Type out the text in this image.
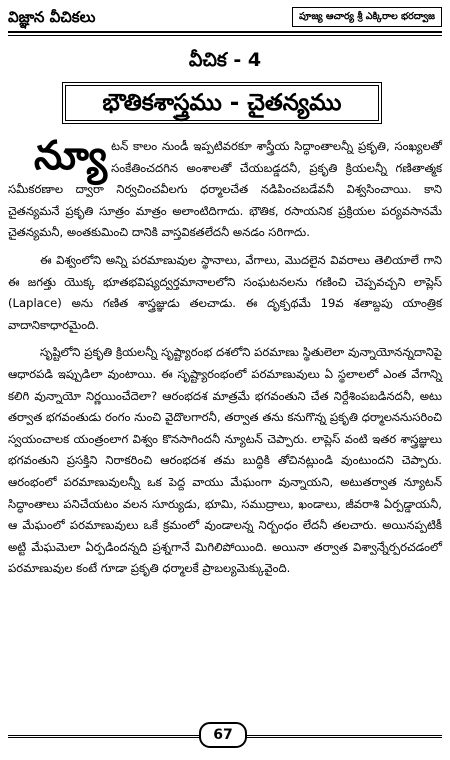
విజ్ఞాన వీచికలు	పూజ్య ఆచార్య శ్రీ ఎక్కిరాల భరద్వాజ
వీచిక - 4
భౌతికశాస్త్రము - చైతన్యము

న్యూ టన్ కాలం నుండీ ఇప్పటివరకూ శాస్త్రీయ సిద్ధాంతాలన్నీ ప్రకృతి, సంఖ్యలతో సంకేతించదగిన అంశాలతో చేయబడ్డదనీ, ప్రకృతి క్రియలన్నీ గణితాత్మక సమీకరణాల ద్వారా నిర్వచించవీలగు ధర్మాలచేత నడిపించబడేవనీ విశ్వసించాయి. కాని చైతన్యమనే ప్రకృతి సూత్రం మాత్రం అలాంటిదిగాదు. భౌతిక, రసాయనిక ప్రక్రియల పర్యవసానమే చైతన్యమనీ, అంతకుమించి దానికి వాస్తవికతలేదనీ అనడం సరిగాదు.

ఈ విశ్వంలోని అన్ని పరమాణువుల స్థానాలు, వేగాలు, మొదలైన వివరాలు తెలియాలే గాని ఈ జగత్తు యొక్క భూతభవిష్యద్వర్తమానాలలోని సంఘటనలను గణించి చెప్పవచ్చని లాప్లెస్ (Laplace) అను గణిత శాస్త్రజ్ఞుడు తలచాడు. ఈ దృక్పథమే 19వ శతాబ్దపు యాంత్రిక వాదానికాధారమైంది.

సృష్టిలోని ప్రకృతి క్రియలన్నీ సృష్ట్యారంభ దశలోని పరమాణు స్థితులెలా వున్నాయోనన్నదానిపై ఆధారపడి ఇప్పుడిలా వుంటాయి. ఈ సృష్ట్యారంభంలో పరమాణువులు ఏ స్థలాలలో ఎంత వేగాన్ని కలిగి వున్నాయో నిర్ణయించేదెలా? ఆరంభదశ మాత్రమే భగవంతుని చేత నిర్దేశింపబడినదనీ, అటు తర్వాత భగవంతుడు రంగం నుంచి వైదొలగారనీ, తర్వాత తను కనుగొన్న ప్రకృతి ధర్మాలననుసరించి స్వయంచాలక యంత్రంలాగ విశ్వం కొనసాగిందనీ న్యూటన్ చెప్పారు. లాప్లెస్ వంటి ఇతర శాస్త్రజ్ఞులు భగవంతుని ప్రసక్తిని నిరాకరించి ఆరంభదశ తమ బుద్ధికి తోచినట్లుండి వుంటుందని చెప్పారు. ఆరంభంలో పరమాణువులన్నీ ఒక పెద్ద వాయు మేఘంగా వున్నాయని, అటుతర్వాత న్యూటన్ సిద్ధాంతాలు పనిచేయటం వలన సూర్యుడు, భూమి, సముద్రాలు, ఖండాలు, జీవరాశి ఏర్పడ్డాయనీ, ఆ మేఘంలో పరమాణువులు ఒకే క్రమంలో వుండాలన్న నిర్బంధం లేదనీ తలచారు. అయినప్పటికీ అట్టి మేఘమెలా ఏర్పడిందన్నది ప్రశ్నగానే మిగిలిపోయింది. అయినా తర్వాత విశ్వాన్నేర్పరచడంలో పరమాణువుల కంటే గూడా ప్రకృతి ధర్మాలకే ప్రాబల్యమెక్కువైంది.

67
